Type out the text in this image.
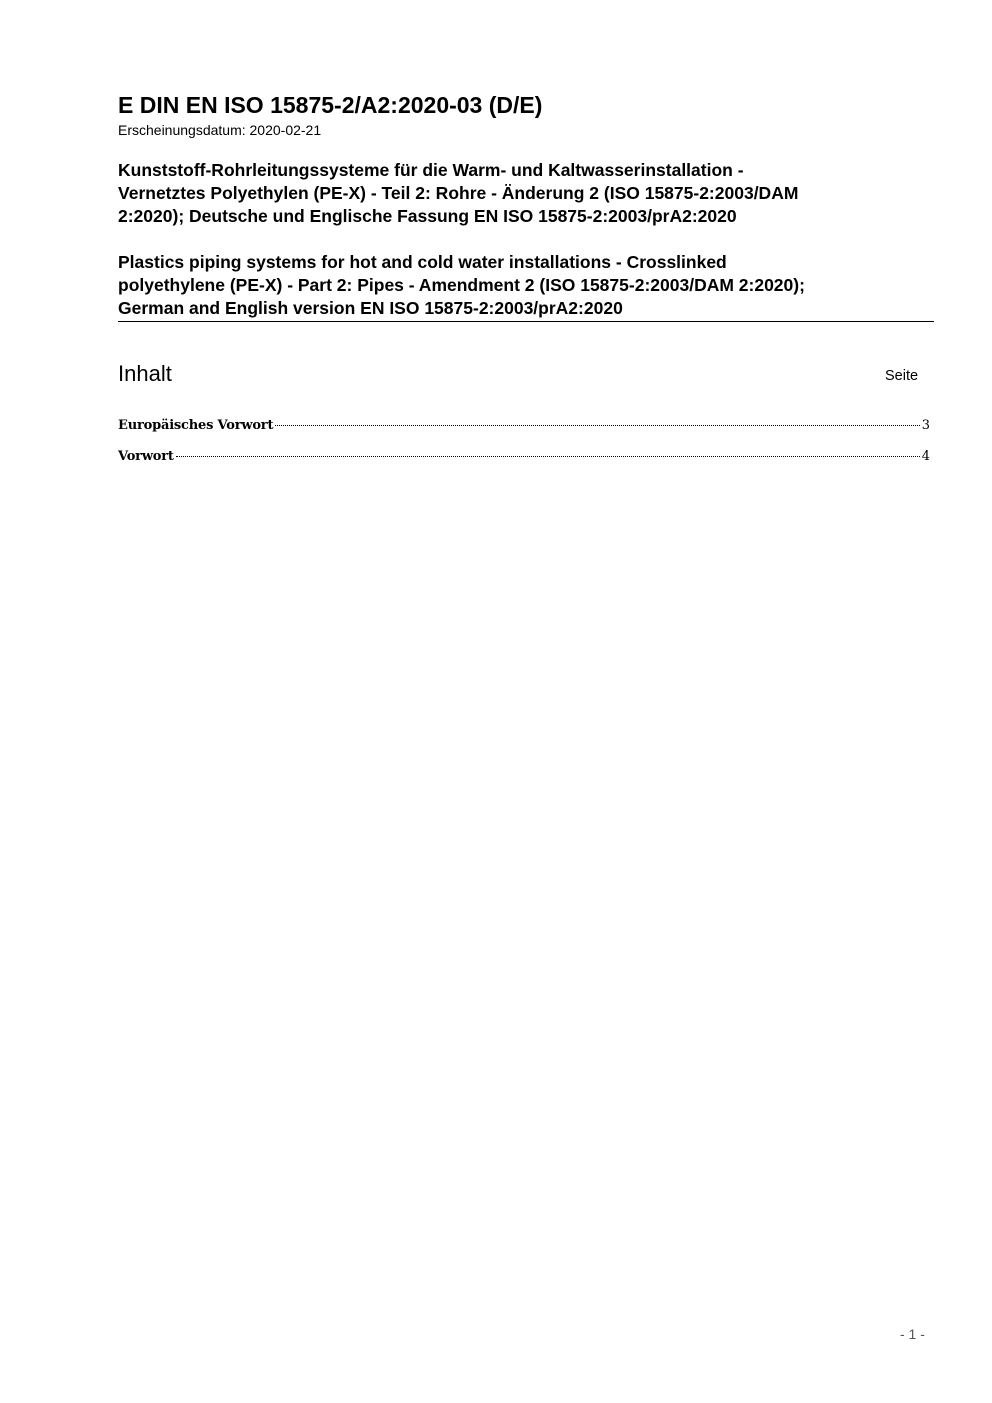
E DIN EN ISO 15875-2/A2:2020-03 (D/E)
Erscheinungsdatum: 2020-02-21
Kunststoff-Rohrleitungssysteme für die Warm- und Kaltwasserinstallation -
Vernetztes Polyethylen (PE-X) - Teil 2: Rohre - Änderung 2 (ISO 15875-2:2003/DAM
2:2020); Deutsche und Englische Fassung EN ISO 15875-2:2003/prA2:2020
Plastics piping systems for hot and cold water installations - Crosslinked
polyethylene (PE-X) - Part 2: Pipes - Amendment 2 (ISO 15875-2:2003/DAM 2:2020);
German and English version EN ISO 15875-2:2003/prA2:2020
Inhalt	Seite
Europäisches Vorwort	3
Vorwort	4
- 1 -
